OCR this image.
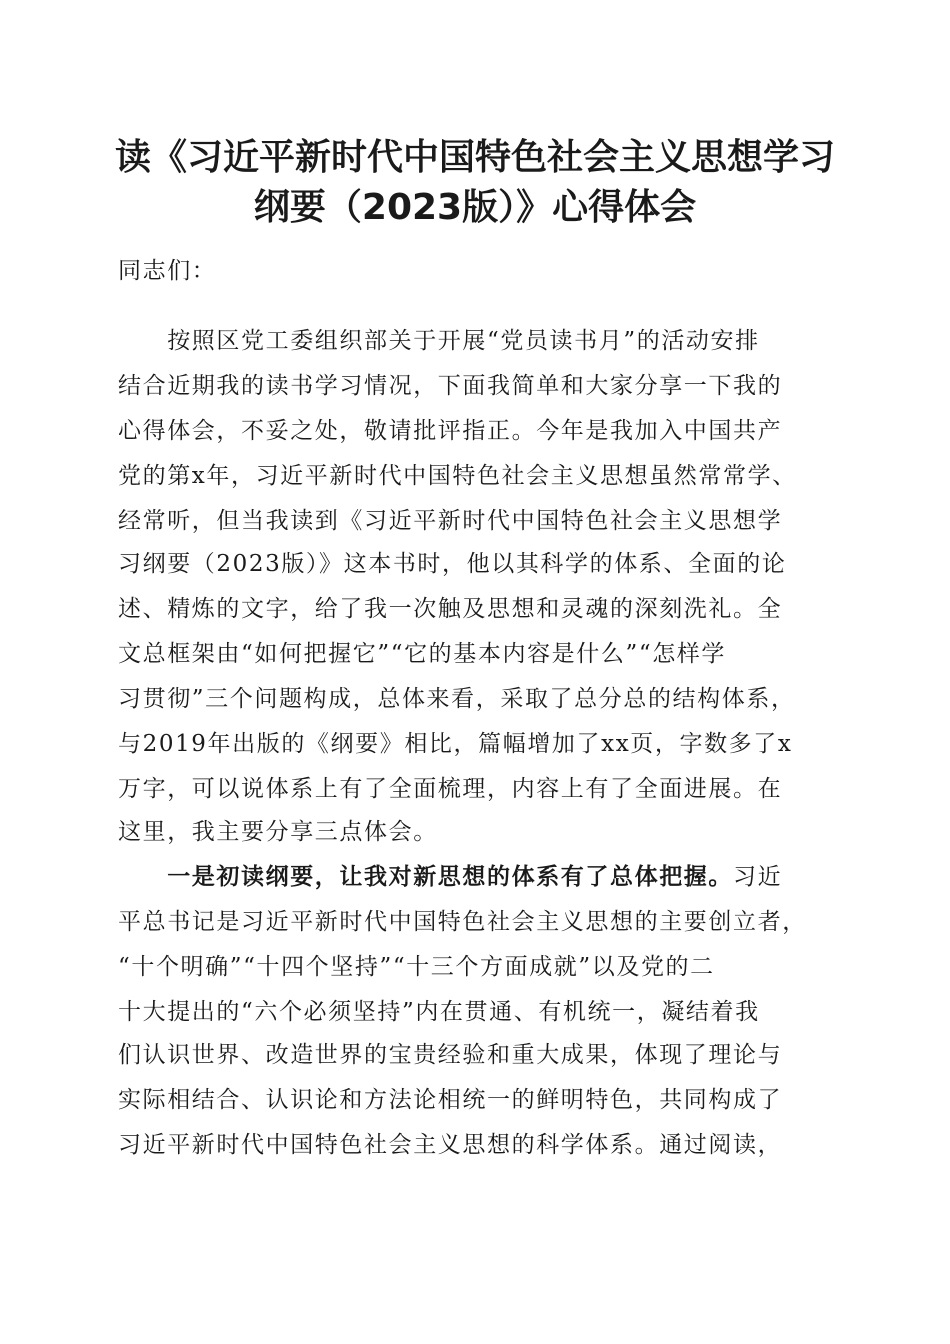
读《习近平新时代中国特色社会主义思想学习
纲要（2023版）》心得体会
同志们：
　　按照区党工委组织部关于开展“党员读书月”的活动安排
结合近期我的读书学习情况，下面我简单和大家分享一下我的
心得体会，不妥之处，敬请批评指正。今年是我加入中国共产
党的第x年，习近平新时代中国特色社会主义思想虽然常常学、
经常听，但当我读到《习近平新时代中国特色社会主义思想学
习纲要（2023版）》这本书时，他以其科学的体系、全面的论
述、精炼的文字，给了我一次触及思想和灵魂的深刻洗礼。全
文总框架由“如何把握它”“它的基本内容是什么”“怎样学
习贯彻”三个问题构成，总体来看，采取了总分总的结构体系，
与2019年出版的《纲要》相比，篇幅增加了xx页，字数多了x
万字，可以说体系上有了全面梳理，内容上有了全面进展。在
这里，我主要分享三点体会。
　　一是初读纲要，让我对新思想的体系有了总体把握。习近
平总书记是习近平新时代中国特色社会主义思想的主要创立者，
“十个明确”“十四个坚持”“十三个方面成就”以及党的二
十大提出的“六个必须坚持”内在贯通、有机统一，凝结着我
们认识世界、改造世界的宝贵经验和重大成果，体现了理论与
实际相结合、认识论和方法论相统一的鲜明特色，共同构成了
习近平新时代中国特色社会主义思想的科学体系。通过阅读，
